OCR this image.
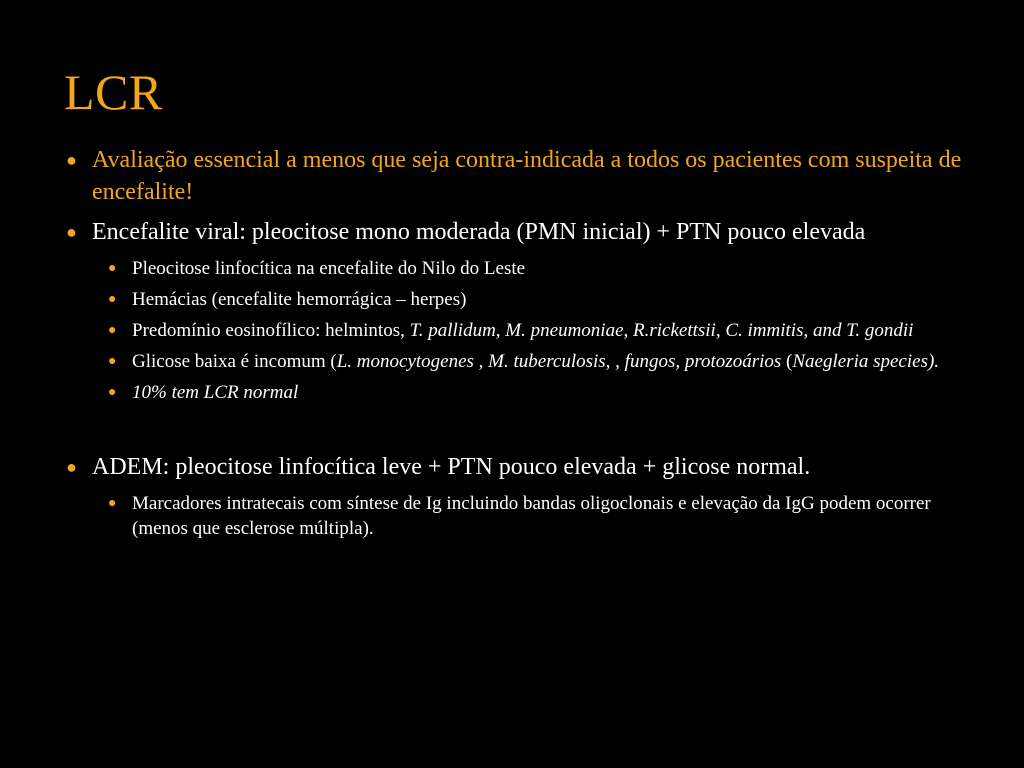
LCR
● Avaliação essencial a menos que seja contra-indicada a todos os pacientes com suspeita de encefalite!
● Encefalite viral: pleocitose mono moderada (PMN inicial) + PTN pouco elevada
● Pleocitose linfocítica na encefalite do Nilo do Leste
● Hemácias (encefalite hemorrágica – herpes)
● Predomínio eosinofílico: helmintos, T. pallidum, M. pneumoniae, R.rickettsii, C. immitis, and T. gondii
● Glicose baixa é incomum (L. monocytogenes , M. tuberculosis, , fungos, protozoários (Naegleria species).
● 10% tem LCR normal
● ADEM: pleocitose linfocítica leve + PTN pouco elevada + glicose normal.
● Marcadores intratecais com síntese de Ig incluindo bandas oligoclonais e elevação da IgG podem ocorrer (menos que esclerose múltipla).
